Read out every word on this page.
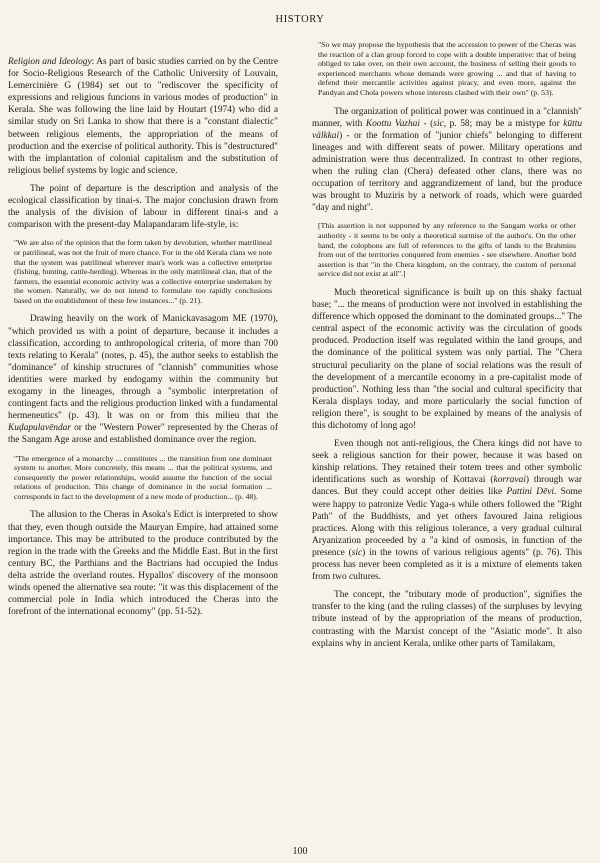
HISTORY

Religion and Ideology: As part of basic studies carried on by the Centre for Socio-Religious Research of the Catholic University of Louvain, Lemercinière G (1984) set out to "rediscover the specificity of expressions and religious funcions in various modes of production" in Kerala. She was following the line laid by Houtart (1974) who did a similar study on Sri Lanka to show that there is a "constant dialectic" between religious elements, the appropriation of the means of production and the exercise of political authority. This is "destructured" with the implantation of colonial capitalism and the substitution of religious belief systems by logic and science.

The point of departure is the description and analysis of the ecological classification by tinai-s. The major conclusion drawn from the analysis of the division of labour in different tinai-s and a comparison with the present-day Malapandaram life-style, is:

"We are also of the opinion that the form taken by devolution, whether matrilineal or patrilineal, was not the fruit of mere chance. For in the old Kerala clans we note that the system was patrilineal wherever man's work was a collective enterprise (fishing, hunting, cattle-herding). Whereas in the only matrilineal clan, that of the farmers, the essential economic activity was a collective enterprise undertaken by the women. Naturally, we do not intend to formulate too rapidly conclusions based on the establishment of these few instances..." (p. 21).

Drawing heavily on the work of Manickavasagom ME (1970), "which provided us with a point of departure, because it includes a classification, according to anthropological criteria, of more than 700 texts relating to Kerala" (notes, p. 45), the author seeks to establish the "dominance" of kinship structures of "clannish" communities whose identities were marked by endogamy within the community but exogamy in the lineages, through a "symbolic interpretation of contingent facts and the religious production linked with a fundamental hermeneutics" (p. 43). It was on or from this milieu that the Kuḍapulavēndar or the "Western Power" represented by the Cheras of the Sangam Age arose and established dominance over the region.

"The emergence of a monarchy ... constitutes ... the transition from one dominant system to another. More concretely, this means ... that the political systems, and consequently the power relationships, would assume the function of the social relations of production. This change of dominance in the social formation ... corresponds in fact to the development of a new mode of production... (p. 48).

The allusion to the Cheras in Asoka's Edict is interpreted to show that they, even though outside the Mauryan Empire, had attained some importance. This may be attributed to the produce contributed by the region in the trade with the Greeks and the Middle East. But in the first century BC, the Parthians and the Bactrians had occupied the Indus delta astride the overland routes. Hypallos' discovery of the monsoon winds opened the alternative sea route: "it was this displacement of the commercial pole in India which introduced the Cheras into the forefront of the international economy" (pp. 51-52).

"So we may propose the hypothesis that the accession to power of the Cheras was the reaction of a clan group forced to cope with a double imperative: that of being obliged to take over, on their own account, the business of selling their goods to experienced merchants whose demands were growing ... and that of having to defend their mercantile activities against piracy, and even more, against the Pandyan and Chola powers whose interests clashed with their own" (p. 53).

The organization of political power was continued in a "clannish" manner, with Koottu Vazhai - (sic, p. 58; may be a mistype for kūttu välkkai) - or the formation of "junior chiefs" belonging to different lineages and with different seats of power. Military operations and administration were thus decentralized. In contrast to other regions, when the ruling clan (Chera) defeated other clans, there was no occupation of territory and aggrandizement of land, but the produce was brought to Muziris by a network of roads, which were guarded "day and night".

[This assertion is not supported by any reference to the Sangam works or other authority - it seems to be only a theoretical surmise of the author's. On the other hand, the colophons are full of references to the gifts of lands to the Brahmins from out of the territories conquered from enemies - see elsewhere. Another bold assertion is that "in the Chera kingdom, on the contrary, the custom of personal service did not exist at all".]

Much theoretical significance is built up on this shaky factual base; "... the means of production were not involved in establishing the difference which opposed the dominant to the dominated groups..." The central aspect of the economic activity was the circulation of goods produced. Production itself was regulated within the land groups, and the dominance of the political system was only partial. The "Chera structural peculiarity on the plane of social relations was the result of the development of a mercantile economy in a pre-capitalist mode of production". Nothing less than "the social and cultural specificity that Kerala displays today, and more particularly the social function of religion there", is sought to be explained by means of the analysis of this dichotomy of long ago!

Even though not anti-religious, the Chera kings did not have to seek a religious sanction for their power, because it was based on kinship relations. They retained their totem trees and other symbolic identifications such as worship of Kottavai (korravai) through war dances. But they could accept other deities like Pattini Dēvi. Some were happy to patronize Vedic Yaga-s while others followed the "Right Path" of the Buddhists, and yet others favoured Jaina religious practices. Along with this religious tolerance, a very gradual cultural Aryanization proceeded by a "a kind of osmosis, in function of the presence (sic) in the towns of various religious agents" (p. 76). This process has never been completed as it is a mixture of elements taken from two cultures.

The concept, the "tributary mode of production", signifies the transfer to the king (and the ruling classes) of the surpluses by levying tribute instead of by the appropriation of the means of production, contrasting with the Marxist concept of the "Asiatic mode". It also explains why in ancient Kerala, unlike other parts of Tamilakam,

100
